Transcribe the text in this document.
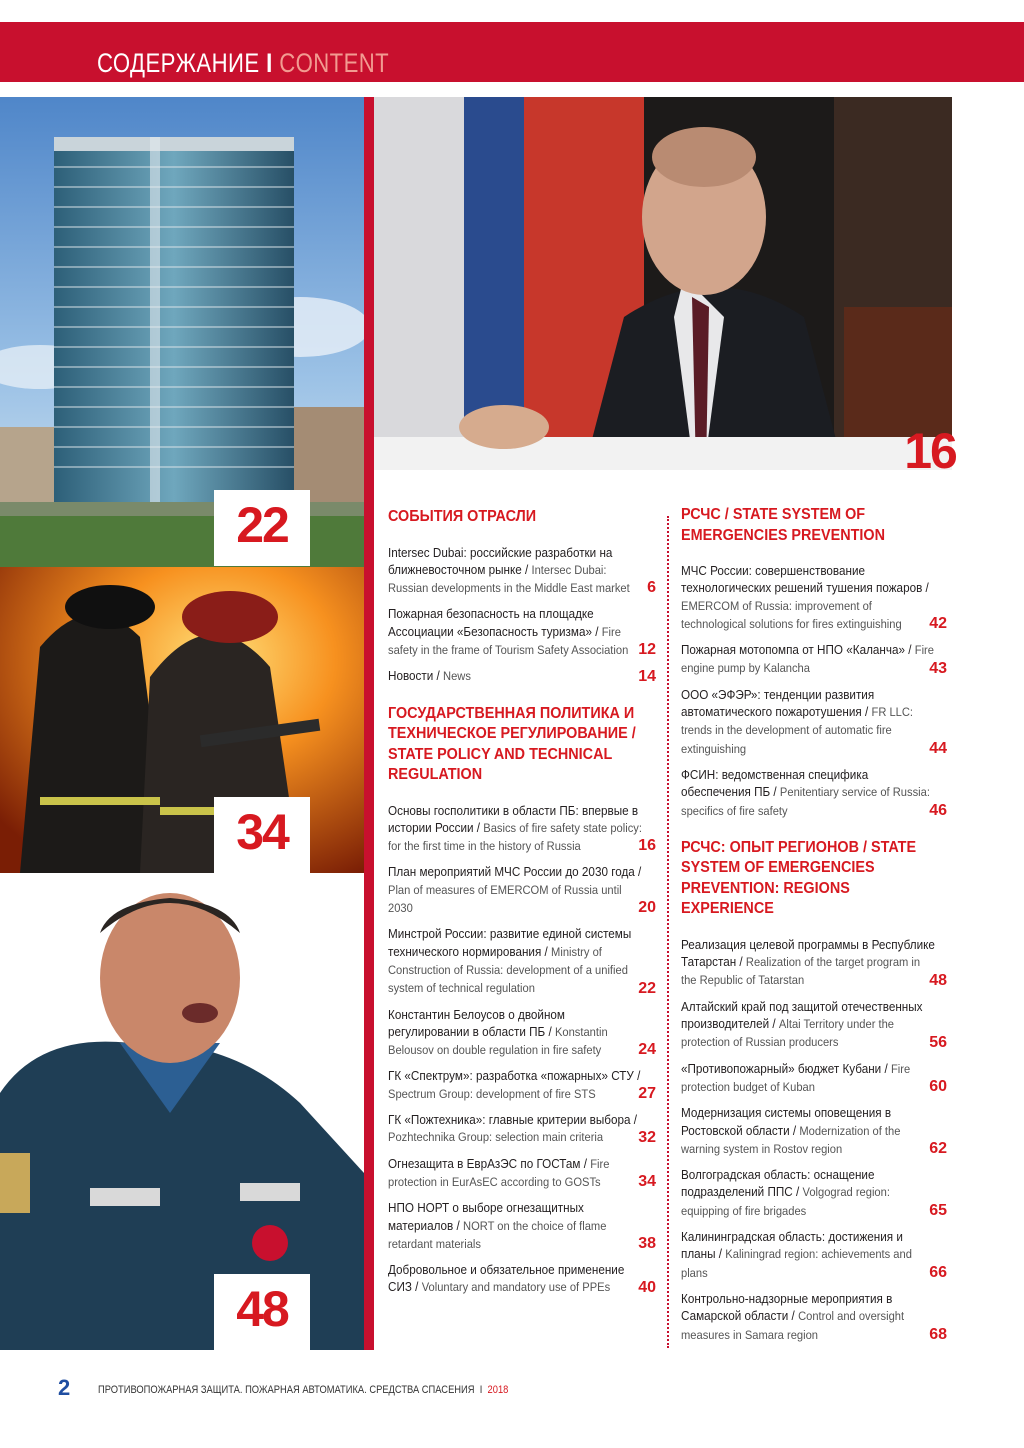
СОДЕРЖАНИЕ I CONTENT
22
16
34
48
СОБЫТИЯ ОТРАСЛИ
Intersec Dubai: российские разработки на ближневосточном рынке / Intersec Dubai: Russian developments in the Middle East market	6
Пожарная безопасность на площадке Ассоциации «Безопасность туризма» / Fire safety in the frame of Tourism Safety Association 12
Новости / News	14
ГОСУДАРСТВЕННАЯ ПОЛИТИКА И ТЕХНИЧЕСКОЕ РЕГУЛИРОВАНИЕ / STATE POLICY AND TECHNICAL REGULATION
Основы госполитики в области ПБ: впервые в истории России / Basics of fire safety state policy: for the first time in the history of Russia	16
План мероприятий МЧС России до 2030 года / Plan of measures of EMERCOM of Russia until 2030	20
Минстрой России: развитие единой системы технического нормирования / Ministry of Construction of Russia: development of a unified system of technical regulation	22
Константин Белоусов о двойном регулировании в области ПБ / Konstantin Belousov on double regulation in fire safety	24
ГК «Спектрум»: разработка «пожарных» СТУ / Spectrum Group: development of fire STS	27
ГК «Пожтехника»: главные критерии выбора / Pozhtechnika Group: selection main criteria	32
Огнезащита в ЕврАзЭС по ГОСТам / Fire protection in EurAsEC according to GOSTs	34
НПО НОРТ о выборе огнезащитных материалов / NORT on the choice of flame retardant materials	38
Добровольное и обязательное применение СИЗ / Voluntary and mandatory use of PPEs	40
РСЧС / STATE SYSTEM OF EMERGENCIES PREVENTION
МЧС России: совершенствование технологических решений тушения пожаров / EMERCOM of Russia: improvement of technological solutions for fires extinguishing	42
Пожарная мотопомпа от НПО «Каланча» / Fire engine pump by Kalancha	43
ООО «ЭФЭР»: тенденции развития автоматического пожаротушения / FR LLC: trends in the development of automatic fire extinguishing	44
ФСИН: ведомственная специфика обеспечения ПБ / Penitentiary service of Russia: specifics of fire safety	46
РСЧС: ОПЫТ РЕГИОНОВ / STATE SYSTEM OF EMERGENCIES PREVENTION: REGIONS EXPERIENCE
Реализация целевой программы в Республике Татарстан / Realization of the target program in the Republic of Tatarstan	48
Алтайский край под защитой отечественных производителей / Altai Territory under the protection of Russian producers	56
«Противопожарный» бюджет Кубани / Fire protection budget of Kuban	60
Модернизация системы оповещения в Ростовской области / Modernization of the warning system in Rostov region	62
Волгоградская область: оснащение подразделений ППС / Volgograd region: equipping of fire brigades	65
Калининградская область: достижения и планы / Kaliningrad region: achievements and plans	66
Контрольно-надзорные мероприятия в Самарской области / Control and oversight measures in Samara region	68
2	ПРОТИВОПОЖАРНАЯ ЗАЩИТА. ПОЖАРНАЯ АВТОМАТИКА. СРЕДСТВА СПАСЕНИЯ I 2018
